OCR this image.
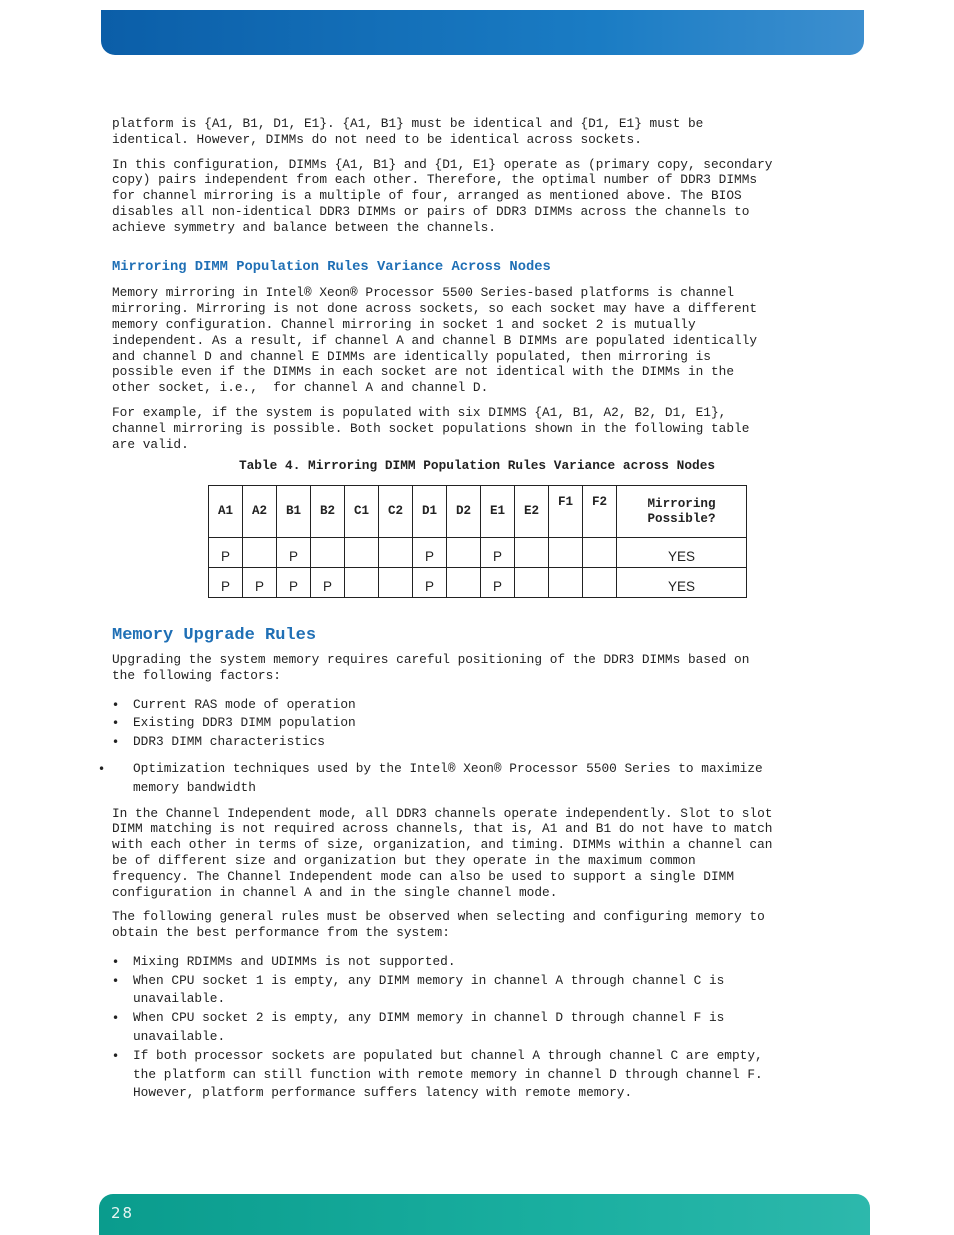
platform is {A1, B1, D1, E1}. {A1, B1} must be identical and {D1, E1} must be
identical. However, DIMMs do not need to be identical across sockets.

In this configuration, DIMMs {A1, B1} and {D1, E1} operate as (primary copy, secondary
copy) pairs independent from each other. Therefore, the optimal number of DDR3 DIMMs
for channel mirroring is a multiple of four, arranged as mentioned above. The BIOS
disables all non-identical DDR3 DIMMs or pairs of DDR3 DIMMs across the channels to
achieve symmetry and balance between the channels.

Mirroring DIMM Population Rules Variance Across Nodes

Memory mirroring in Intel® Xeon® Processor 5500 Series-based platforms is channel
mirroring. Mirroring is not done across sockets, so each socket may have a different
memory configuration. Channel mirroring in socket 1 and socket 2 is mutually
independent. As a result, if channel A and channel B DIMMs are populated identically
and channel D and channel E DIMMs are identically populated, then mirroring is
possible even if the DIMMs in each socket are not identical with the DIMMs in the
other socket, i.e.,  for channel A and channel D.

For example, if the system is populated with six DIMMS {A1, B1, A2, B2, D1, E1},
channel mirroring is possible. Both socket populations shown in the following table
are valid.

Table 4. Mirroring DIMM Population Rules Variance across Nodes
A1	A2	B1	B2	C1	C2	D1	D2	E1	E2	F1	F2	Mirroring Possible?
P		P				P		P				YES
P	P	P	P			P		P				YES
Memory Upgrade Rules

Upgrading the system memory requires careful positioning of the DDR3 DIMMs based on
the following factors:

• Current RAS mode of operation
• Existing DDR3 DIMM population
• DDR3 DIMM characteristics
• Optimization techniques used by the Intel® Xeon® Processor 5500 Series to maximize
memory bandwidth

In the Channel Independent mode, all DDR3 channels operate independently. Slot to slot
DIMM matching is not required across channels, that is, A1 and B1 do not have to match
with each other in terms of size, organization, and timing. DIMMs within a channel can
be of different size and organization but they operate in the maximum common
frequency. The Channel Independent mode can also be used to support a single DIMM
configuration in channel A and in the single channel mode.

The following general rules must be observed when selecting and configuring memory to
obtain the best performance from the system:

• Mixing RDIMMs and UDIMMs is not supported.
• When CPU socket 1 is empty, any DIMM memory in channel A through channel C is
unavailable.
• When CPU socket 2 is empty, any DIMM memory in channel D through channel F is
unavailable.
• If both processor sockets are populated but channel A through channel C are empty,
the platform can still function with remote memory in channel D through channel F.
However, platform performance suffers latency with remote memory.
28
